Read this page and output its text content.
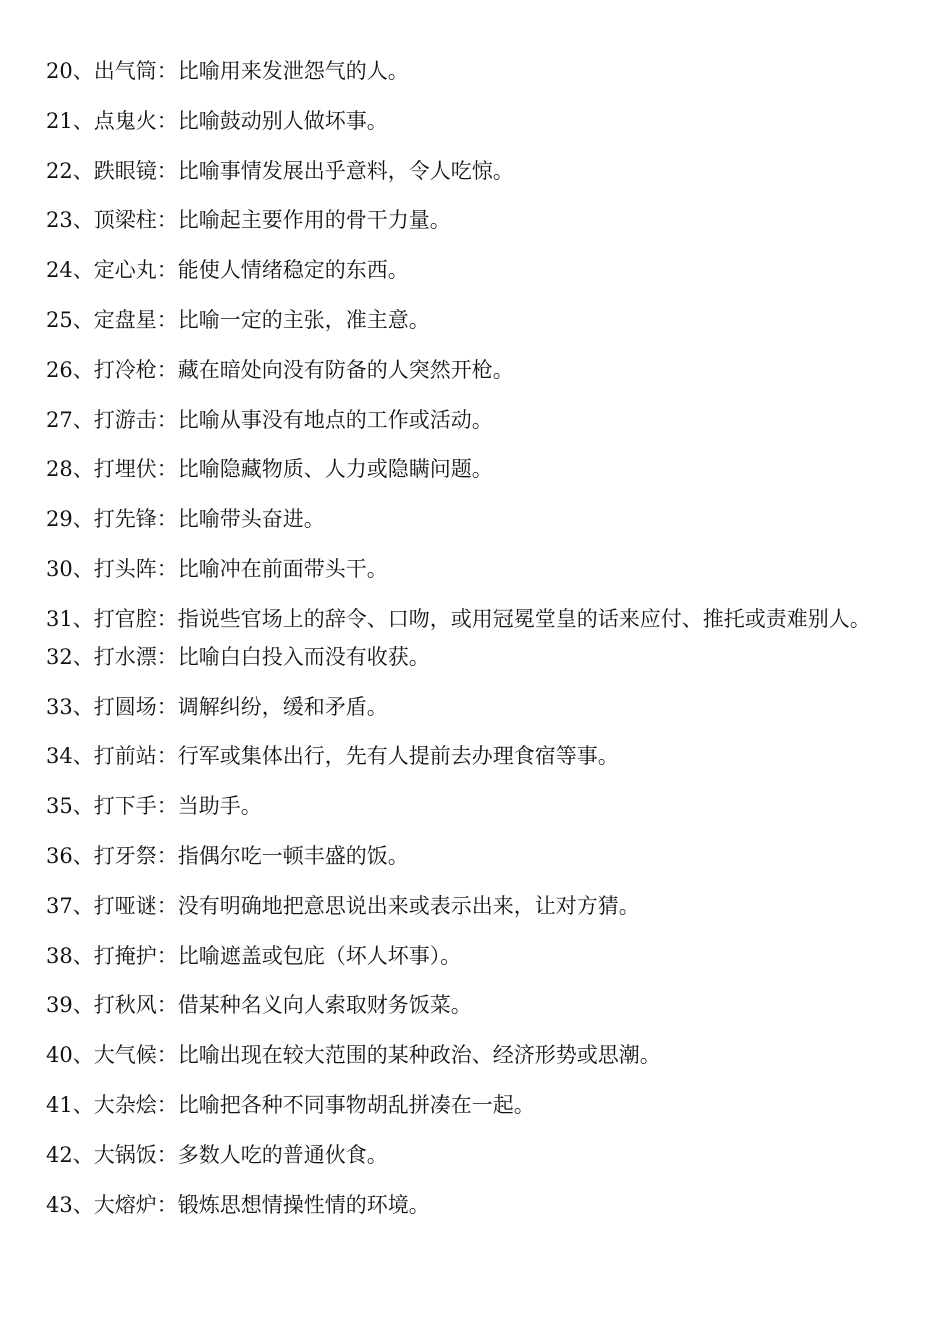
20、出气筒：比喻用来发泄怨气的人。
21、点鬼火：比喻鼓动别人做坏事。
22、跌眼镜：比喻事情发展出乎意料，令人吃惊。
23、顶梁柱：比喻起主要作用的骨干力量。
24、定心丸：能使人情绪稳定的东西。
25、定盘星：比喻一定的主张，准主意。
26、打冷枪：藏在暗处向没有防备的人突然开枪。
27、打游击：比喻从事没有地点的工作或活动。
28、打埋伏：比喻隐藏物质、人力或隐瞒问题。
29、打先锋：比喻带头奋进。
30、打头阵：比喻冲在前面带头干。
31、打官腔：指说些官场上的辞令、口吻，或用冠冕堂皇的话来应付、推托或责难别人。
32、打水漂：比喻白白投入而没有收获。
33、打圆场：调解纠纷，缓和矛盾。
34、打前站：行军或集体出行，先有人提前去办理食宿等事。
35、打下手：当助手。
36、打牙祭：指偶尔吃一顿丰盛的饭。
37、打哑谜：没有明确地把意思说出来或表示出来，让对方猜。
38、打掩护：比喻遮盖或包庇（坏人坏事）。
39、打秋风：借某种名义向人索取财务饭菜。
40、大气候：比喻出现在较大范围的某种政治、经济形势或思潮。
41、大杂烩：比喻把各种不同事物胡乱拼凑在一起。
42、大锅饭：多数人吃的普通伙食。
43、大熔炉：锻炼思想情操性情的环境。
